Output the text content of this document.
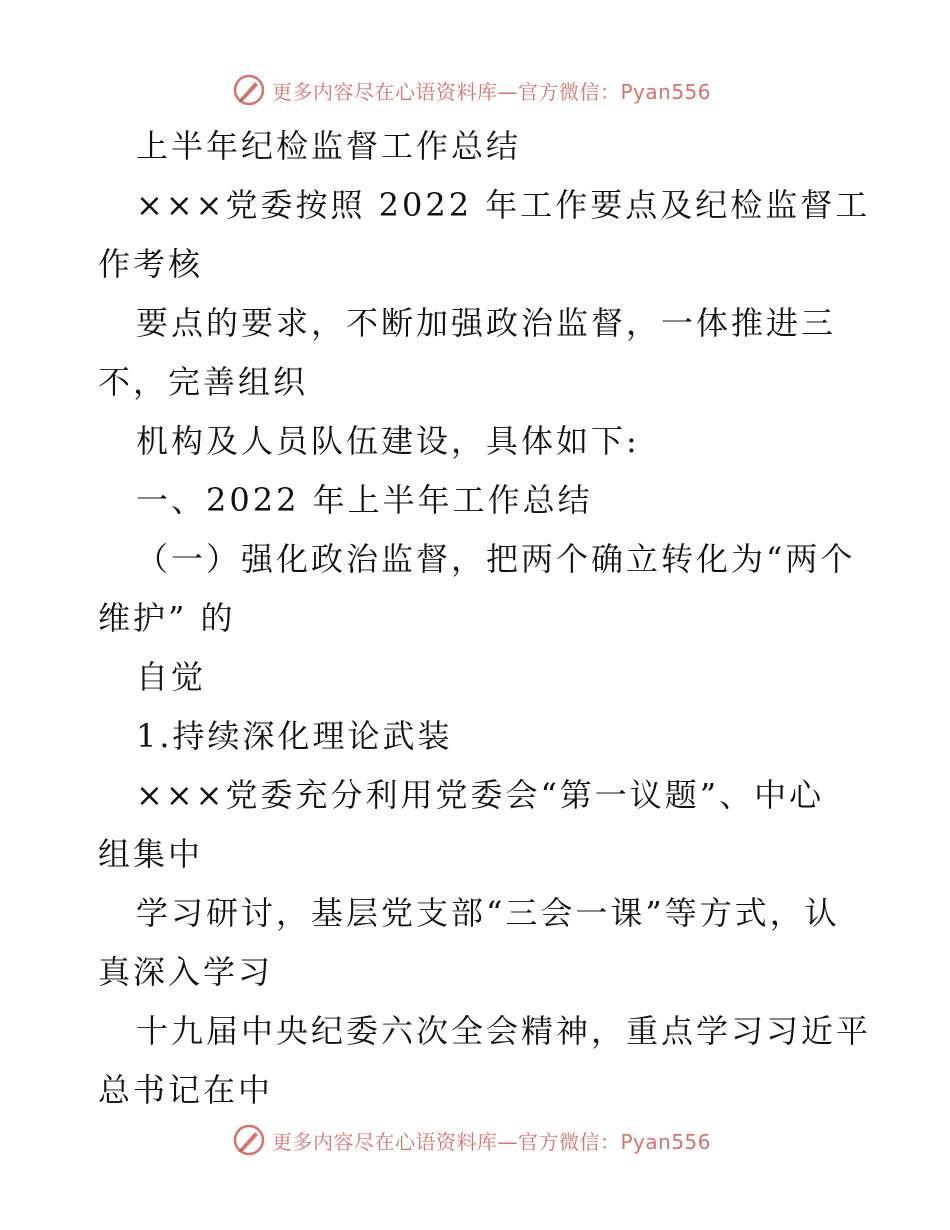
更多内容尽在心语资料库—官方微信：Pyan556
上半年纪检监督工作总结
×××党委按照 2022 年工作要点及纪检监督工
作考核
要点的要求，不断加强政治监督，一体推进三
不，完善组织
机构及人员队伍建设，具体如下:
一、2022 年上半年工作总结
（一）强化政治监督，把两个确立转化为“两个
维护” 的
自觉
1.持续深化理论武装
×××党委充分利用党委会“第一议题”、中心
组集中
学习研讨，基层党支部“三会一课”等方式，认
真深入学习
十九届中央纪委六次全会精神，重点学习习近平
总书记在中
更多内容尽在心语资料库—官方微信：Pyan556
